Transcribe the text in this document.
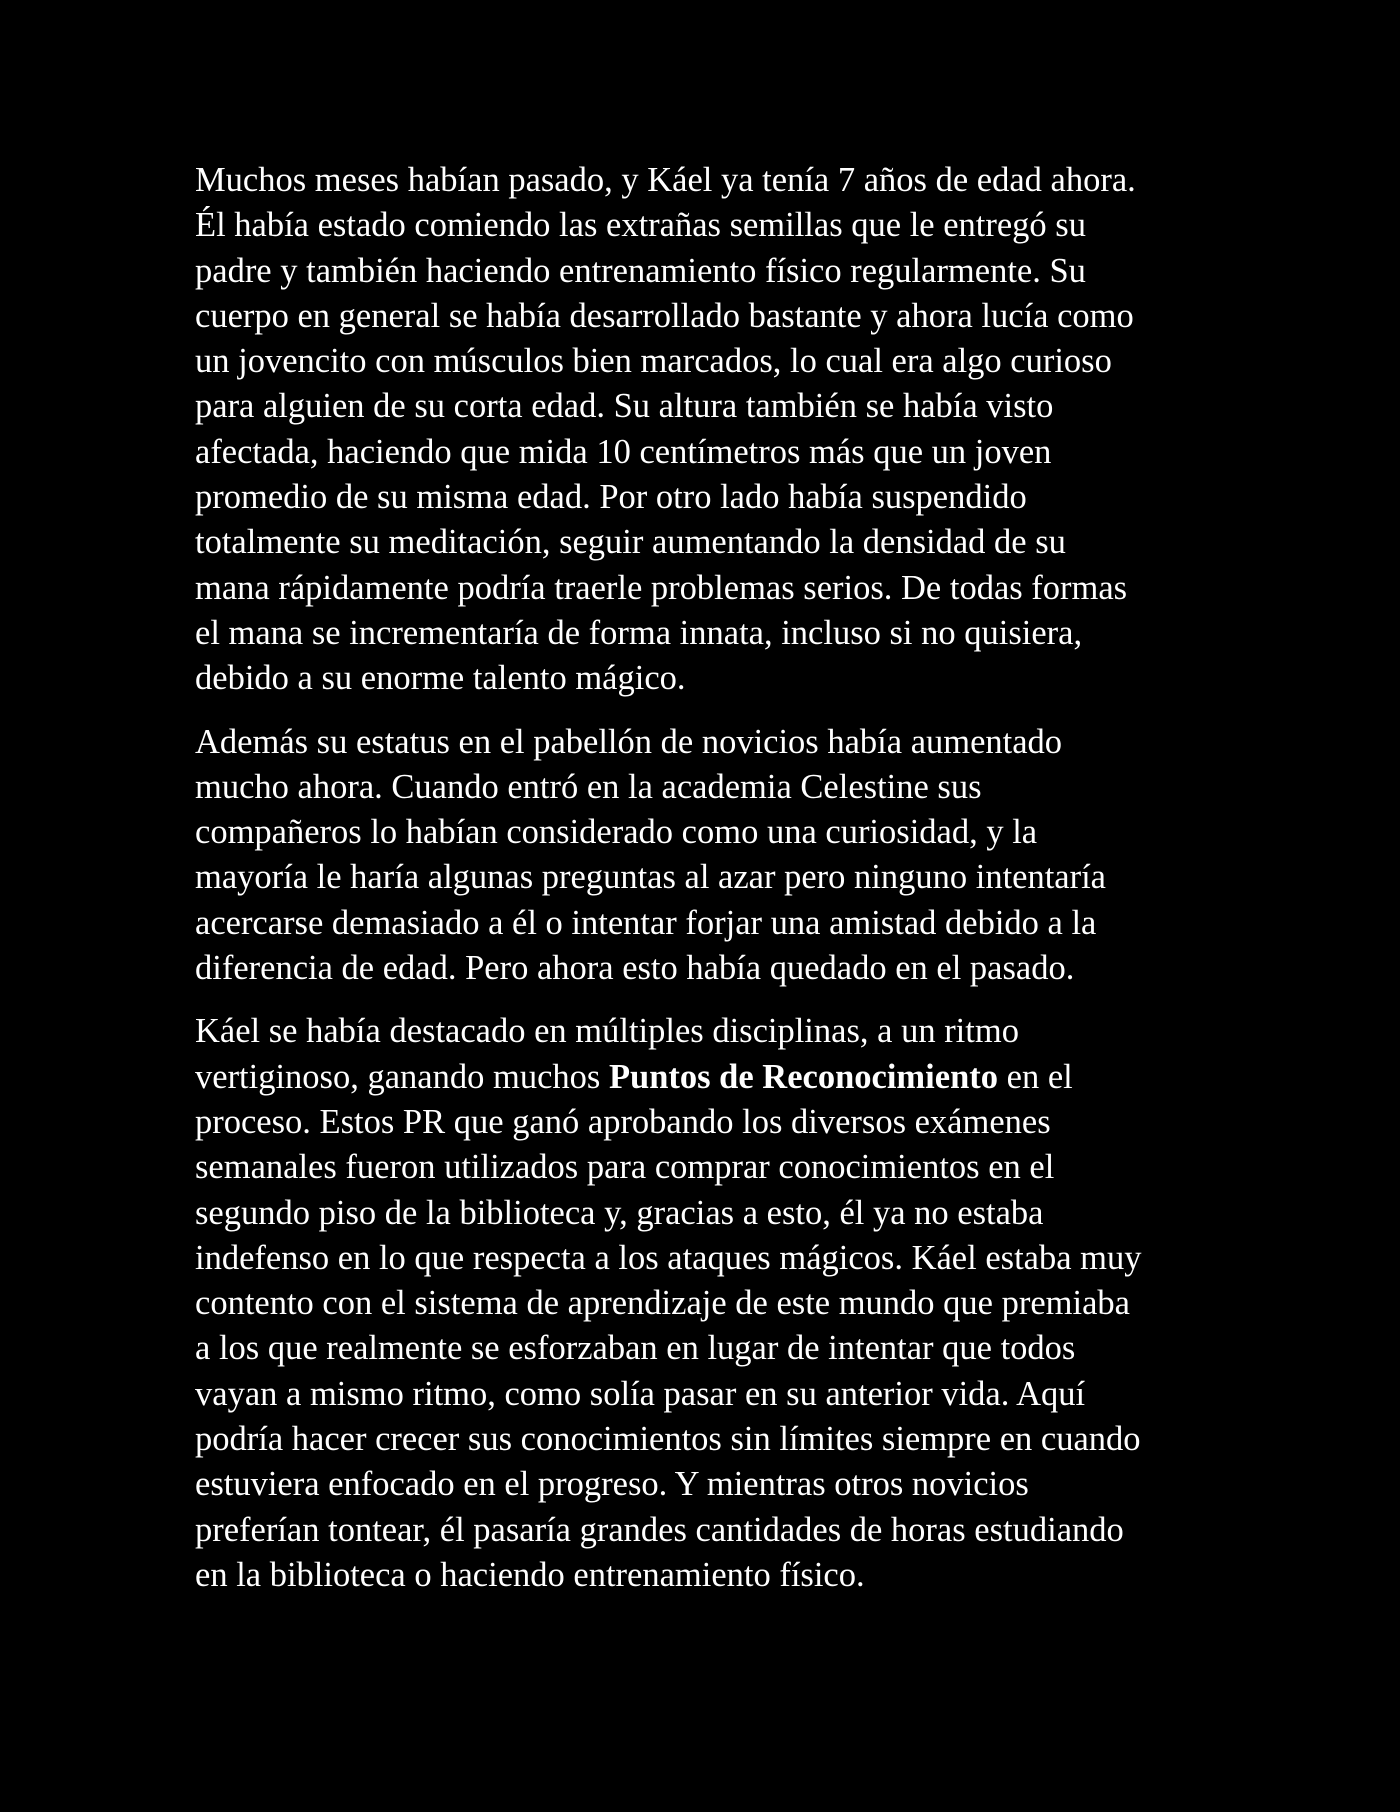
Muchos meses habían pasado, y Káel ya tenía 7 años de edad ahora.
Él había estado comiendo las extrañas semillas que le entregó su
padre y también haciendo entrenamiento físico regularmente. Su
cuerpo en general se había desarrollado bastante y ahora lucía como
un jovencito con músculos bien marcados, lo cual era algo curioso
para alguien de su corta edad. Su altura también se había visto
afectada, haciendo que mida 10 centímetros más que un joven
promedio de su misma edad. Por otro lado había suspendido
totalmente su meditación, seguir aumentando la densidad de su
mana rápidamente podría traerle problemas serios. De todas formas
el mana se incrementaría de forma innata, incluso si no quisiera,
debido a su enorme talento mágico.

Además su estatus en el pabellón de novicios había aumentado
mucho ahora. Cuando entró en la academia Celestine sus
compañeros lo habían considerado como una curiosidad, y la
mayoría le haría algunas preguntas al azar pero ninguno intentaría
acercarse demasiado a él o intentar forjar una amistad debido a la
diferencia de edad. Pero ahora esto había quedado en el pasado.

Káel se había destacado en múltiples disciplinas, a un ritmo
vertiginoso, ganando muchos Puntos de Reconocimiento en el
proceso. Estos PR que ganó aprobando los diversos exámenes
semanales fueron utilizados para comprar conocimientos en el
segundo piso de la biblioteca y, gracias a esto, él ya no estaba
indefenso en lo que respecta a los ataques mágicos. Káel estaba muy
contento con el sistema de aprendizaje de este mundo que premiaba
a los que realmente se esforzaban en lugar de intentar que todos
vayan a mismo ritmo, como solía pasar en su anterior vida. Aquí
podría hacer crecer sus conocimientos sin límites siempre en cuando
estuviera enfocado en el progreso. Y mientras otros novicios
preferían tontear, él pasaría grandes cantidades de horas estudiando
en la biblioteca o haciendo entrenamiento físico.
